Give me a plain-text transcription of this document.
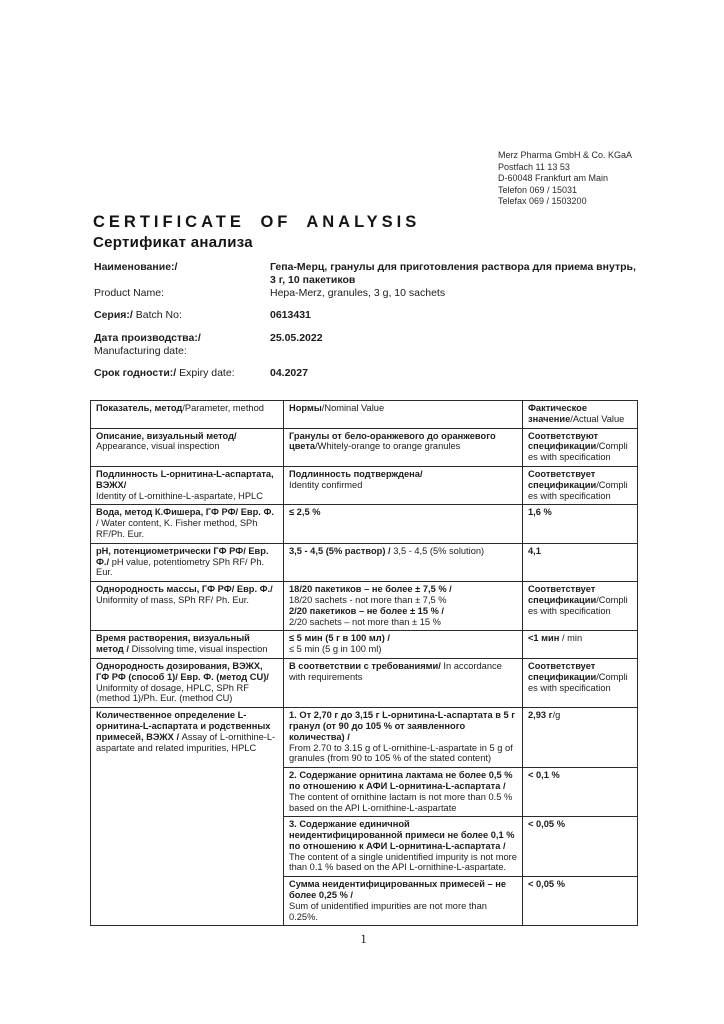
Merz Pharma GmbH & Co. KGaA
Postfach 11 13 53
D-60048 Frankfurt am Main
Telefon 069 / 15031
Telefax 069 / 1503200
CERTIFICATE OF ANALYSIS
Сертификат анализа
Наименование:/
Product Name:
Гепа-Мерц, гранулы для приготовления раствора для приема внутрь,
3 г, 10 пакетиков
Hepa-Merz, granules, 3 g, 10 sachets
Серия:/ Batch No:	0613431
Дата производства:/
Manufacturing date:
25.05.2022
Срок годности:/ Expiry date:	04.2027
Показатель, метод/Parameter, method	Нормы/Nominal Value	Фактическое значение/Actual Value
Описание, визуальный метод/
Appearance, visual inspection	Гранулы от бело-оранжевого до оранжевого цвета/Whitely-orange to orange granules	Соответствуют спецификации/Complies with specification
Подлинность L-орнитина-L-аспартата, ВЭЖХ/
Identity of L-ornithine-L-aspartate, HPLC	Подлинность подтверждена/
Identity confirmed	Соответствует спецификации/Complies with specification
Вода, метод К.Фишера, ГФ РФ/ Евр. Ф. / Water content, K. Fisher method, SPh RF/Ph. Eur.	≤ 2,5 %	1,6 %
pH, потенциометрически ГФ РФ/ Евр. Ф./ pH value, potentiometry SPh RF/ Ph. Eur.	3,5 - 4,5 (5% раствор) / 3,5 - 4,5 (5% solution)	4,1
Однородность массы, ГФ РФ/ Евр. Ф./
Uniformity of mass, SPh RF/ Ph. Eur.	18/20 пакетиков – не более ± 7,5 % /
18/20 sachets - not more than ± 7,5 %
2/20 пакетиков – не более ± 15 % /
2/20 sachets – not more than ± 15 %	Соответствует спецификации/Complies with specification
Время растворения, визуальный метод / Dissolving time, visual inspection	≤ 5 мин (5 г в 100 мл) /
≤ 5 min (5 g in 100 ml)	<1 мин / min
Однородность дозирования, ВЭЖХ, ГФ РФ (способ 1)/ Евр. Ф. (метод CU)/
Uniformity of dosage, HPLC, SPh RF (method 1)/Ph. Eur. (method CU)	В соответствии с требованиями/ In accordance with requirements	Соответствует спецификации/Complies with specification
Количественное определение L-орнитина-L-аспартата и родственных примесей, ВЭЖХ / Assay of L-ornithine-L-aspartate and related impurities, HPLC	1. От 2,70 г до 3,15 г L-орнитина-L-аспартата в 5 г гранул (от 90 до 105 % от заявленного количества) /
From 2.70 to 3.15 g of L-ornithine-L-aspartate in 5 g of granules (from 90 to 105 % of the stated content)	2,93 г/g
	2. Содержание орнитина лактама не более 0,5 % по отношению к АФИ L-орнитина-L-аспартата /
The content of ornithine lactam is not more than 0.5 % based on the API L-ornithine-L-aspartate	< 0,1 %
	3. Содержание единичной неидентифицированной примеси не более 0,1 % по отношению к АФИ L-орнитина-L-аспартата /
The content of a single unidentified impurity is not more than 0.1 % based on the API L-ornithine-L-aspartate.	< 0,05 %
	Сумма неидентифицированных примесей – не более 0,25 % /
Sum of unidentified impurities are not more than 0.25%.	< 0,05 %
1
